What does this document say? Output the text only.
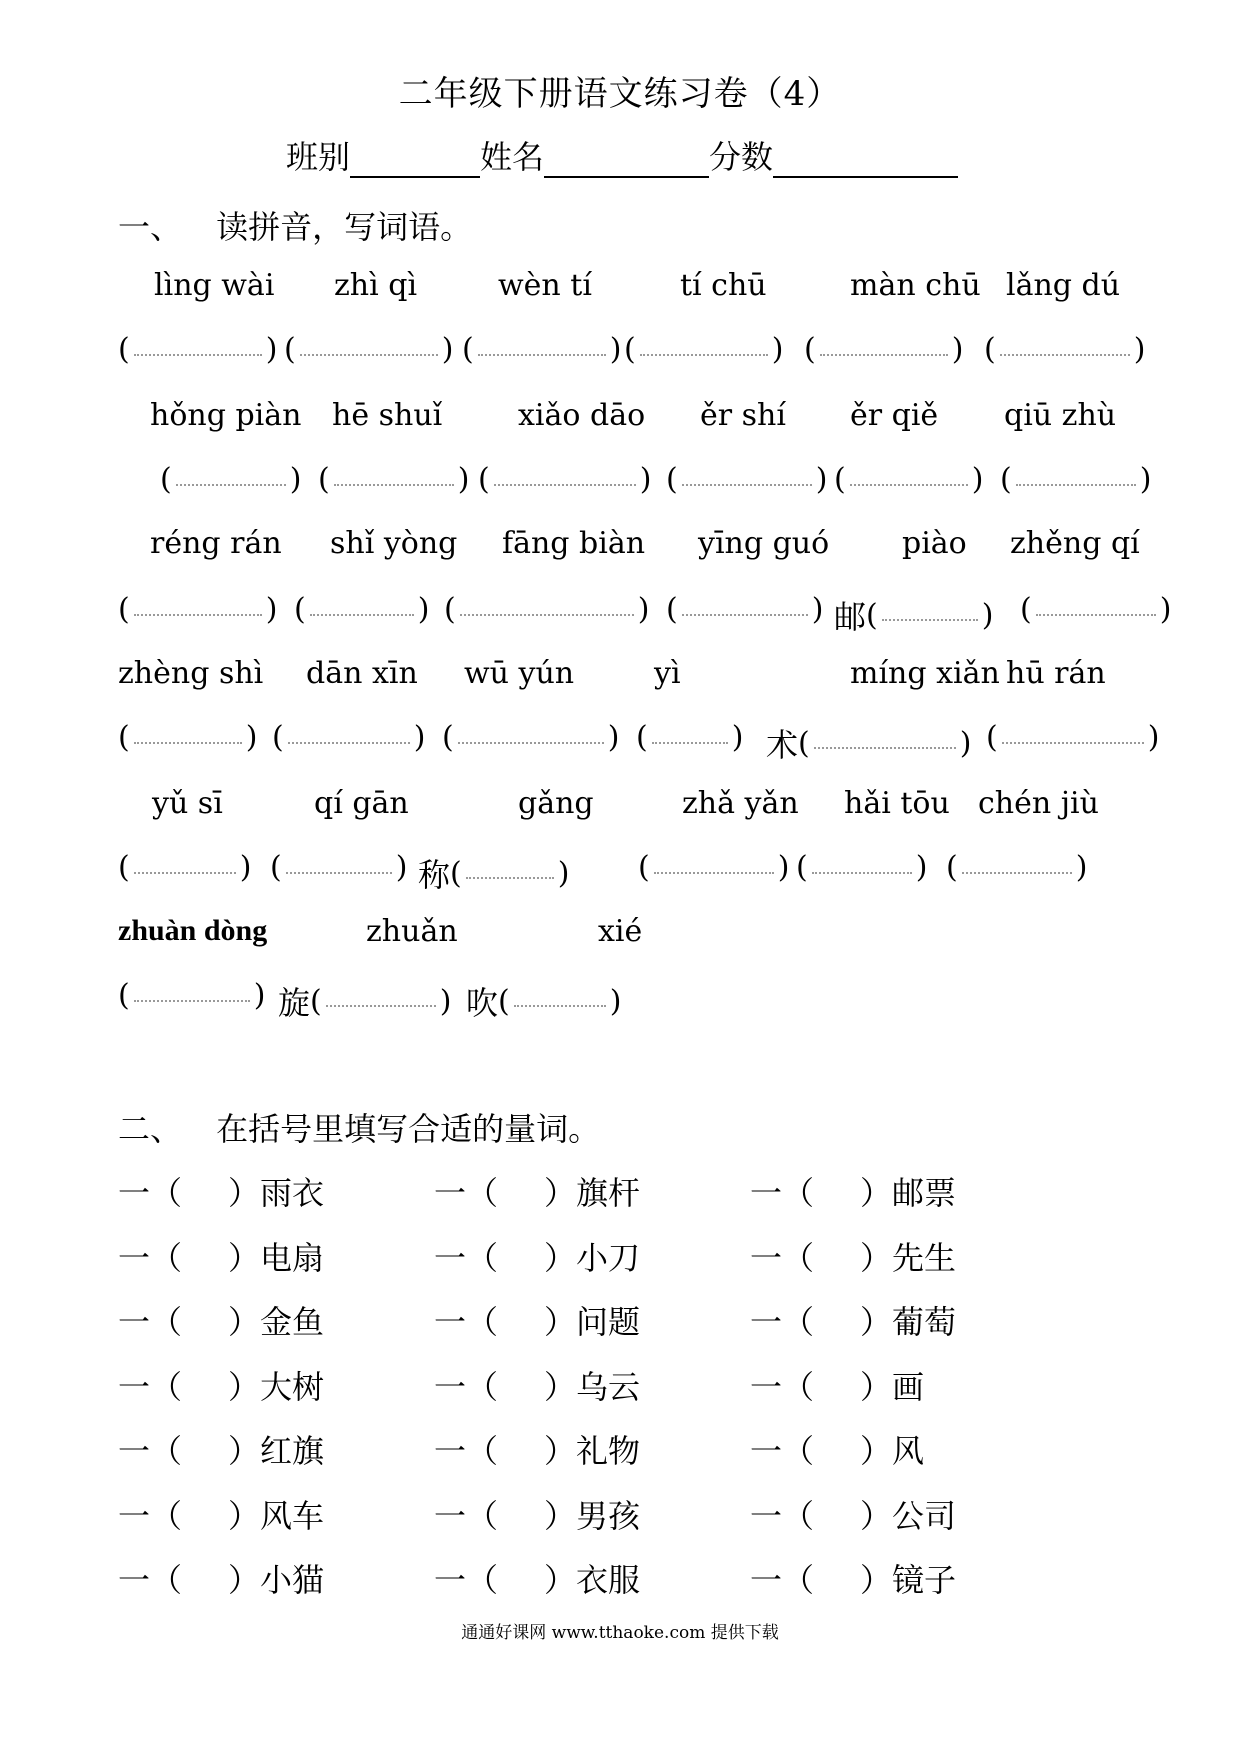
二年级下册语文练习卷（4）
班别	姓名	分数
一、 读拼音，写词语。
lìng wài zhì qì	wèn tí	tí chū	màn chū lǎng dú
(	) (	) (	) (	) (	) (	)
hǒng piàn hē shuǐ	xiǎo dāo ěr shí ěr qiě qiū zhù
(	) (	) (	) (	) (	) (	)
réng rán shǐ yòng fāng biàn yīng guó piào zhěng qí
(	) (	) (	) (	) 邮 (	) (	)
zhèng shì dān xīn wū yún	yì	míng xiǎn hū rán
(	) (	) (	) (	) 术 (	) (	)
yǔ sī	qí gān	gǎng	zhǎ yǎn hǎi tōu chén jiù
(	) (	) 称 (	) (	) (	) (	)
zhuàn dòng	zhuǎn	xié
(	) 旋 (	) 吹 (	)
二、 在括号里填写合适的量词。
一（ ）雨衣	一（ ）旗杆	一（ ）邮票
一（ ）电扇	一（ ）小刀	一（ ）先生
一（ ）金鱼	一（ ）问题	一（ ）葡萄
一（ ）大树	一（ ）乌云	一（ ）画
一（ ）红旗	一（ ）礼物	一（ ）风
一（ ）风车	一（ ）男孩	一（ ）公司
一（ ）小猫	一（ ）衣服	一（ ）镜子
通通好课网 www.tthaoke.com 提供下载
